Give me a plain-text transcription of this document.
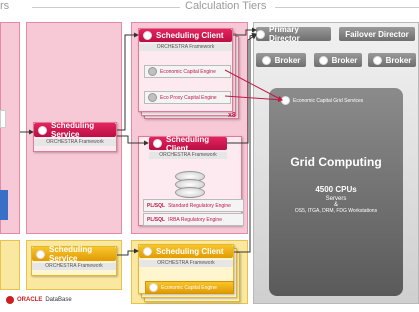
rs	Calculation Tiers
Scheduling Service
ORCHESTRA Framework
Scheduling Service
ORCHESTRA Framework
Scheduling Client
ORCHESTRA Framework
Economic Capital Engine
Eco Proxy Capital Engine
x8
Scheduling Client
ORCHESTRA Framework
PL/SQL Standard Regulatory Engine
PL/SQL IRBA Regulatory Engine
Scheduling Client
ORCHESTRA Framework
Economic Capital Engine
Primary Director	Failover Director
Broker	Broker	Broker
Economic Capital Grid Services
Grid Computing
4500 CPUs
Servers
&
OS5, ITGA, DRM, FDG Workstations
ORACLE DataBase
